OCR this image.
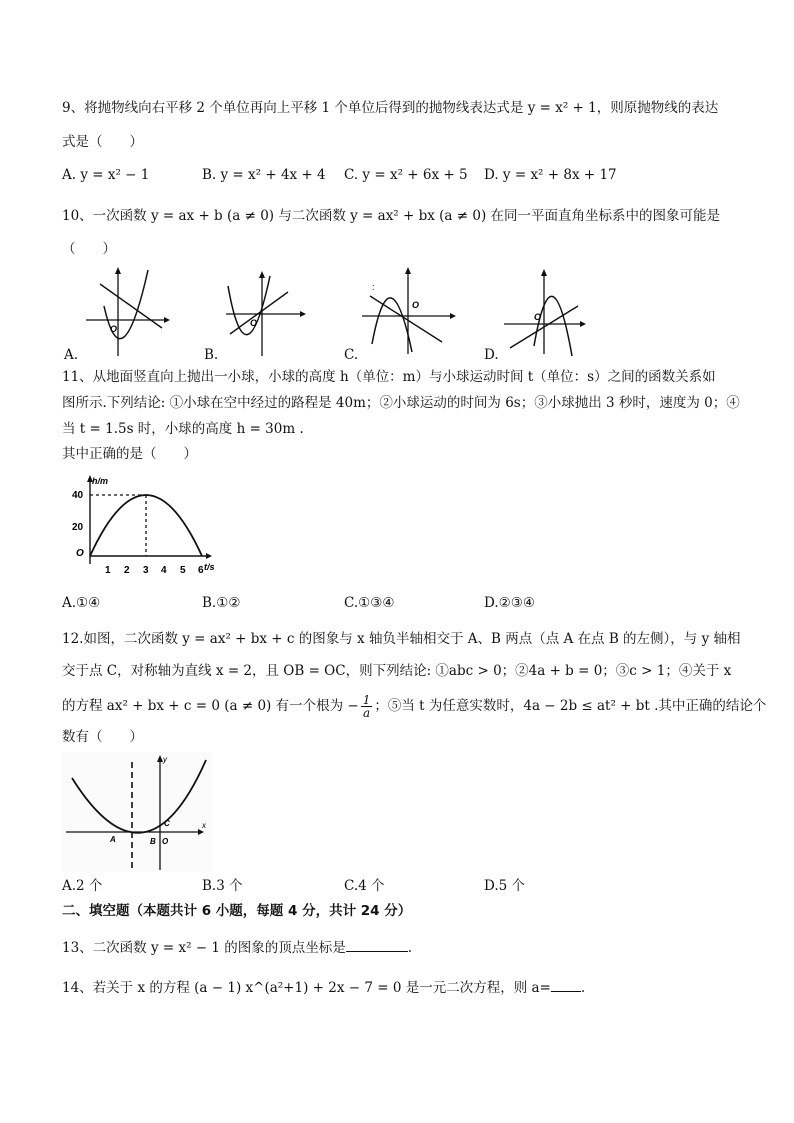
9、将抛物线向右平移 2 个单位再向上平移 1 个单位后得到的抛物线表达式是 y = x² + 1，则原抛物线的表达
式是（　　）
A. y = x² − 1	B. y = x² + 4x + 4 C. y = x² + 6x + 5 D. y = x² + 8x + 17
10、一次函数 y = ax + b (a ≠ 0) 与二次函数 y = ax² + bx (a ≠ 0) 在同一平面直角坐标系中的图象可能是
（　　）
O
A.
O
B.
O
:
C.
O
D.
11、从地面竖直向上抛出一小球，小球的高度 h（单位：m）与小球运动时间 t（单位：s）之间的函数关系如
图所示.下列结论: ①小球在空中经过的路程是 40m；②小球运动的时间为 6s；③小球抛出 3 秒时，速度为 0；④
当 t = 1.5s 时，小球的高度 h = 30m .
其中正确的是（　　）
h/m
t/s
O
40
20
1 2 3 4 5 6
A.①④	B.①②	C.①③④	D.②③④
12.如图，二次函数 y = ax² + bx + c 的图象与 x 轴负半轴相交于 A、B 两点（点 A 在点 B 的左侧），与 y 轴相
交于点 C，对称轴为直线 x = 2，且 OB = OC，则下列结论: ①abc > 0；②4a + b = 0；③c > 1；④关于 x
的方程 ax² + bx + c = 0 (a ≠ 0) 有一个根为 − $\frac{1}{a}$ ；⑤当 t 为任意实数时，4a − 2b ≤ at² + bt .其中正确的结论个
数有（　　）
A	B O
C	x
y
A.2 个	B.3 个	C.4 个	D.5 个
二、填空题（本题共计 6 小题，每题 4 分，共计 24 分）
13、二次函数 y = x² − 1 的图象的顶点坐标是	.
14、若关于 x 的方程 (a − 1) x^(a²+1) + 2x − 7 = 0 是一元二次方程，则 a= .
